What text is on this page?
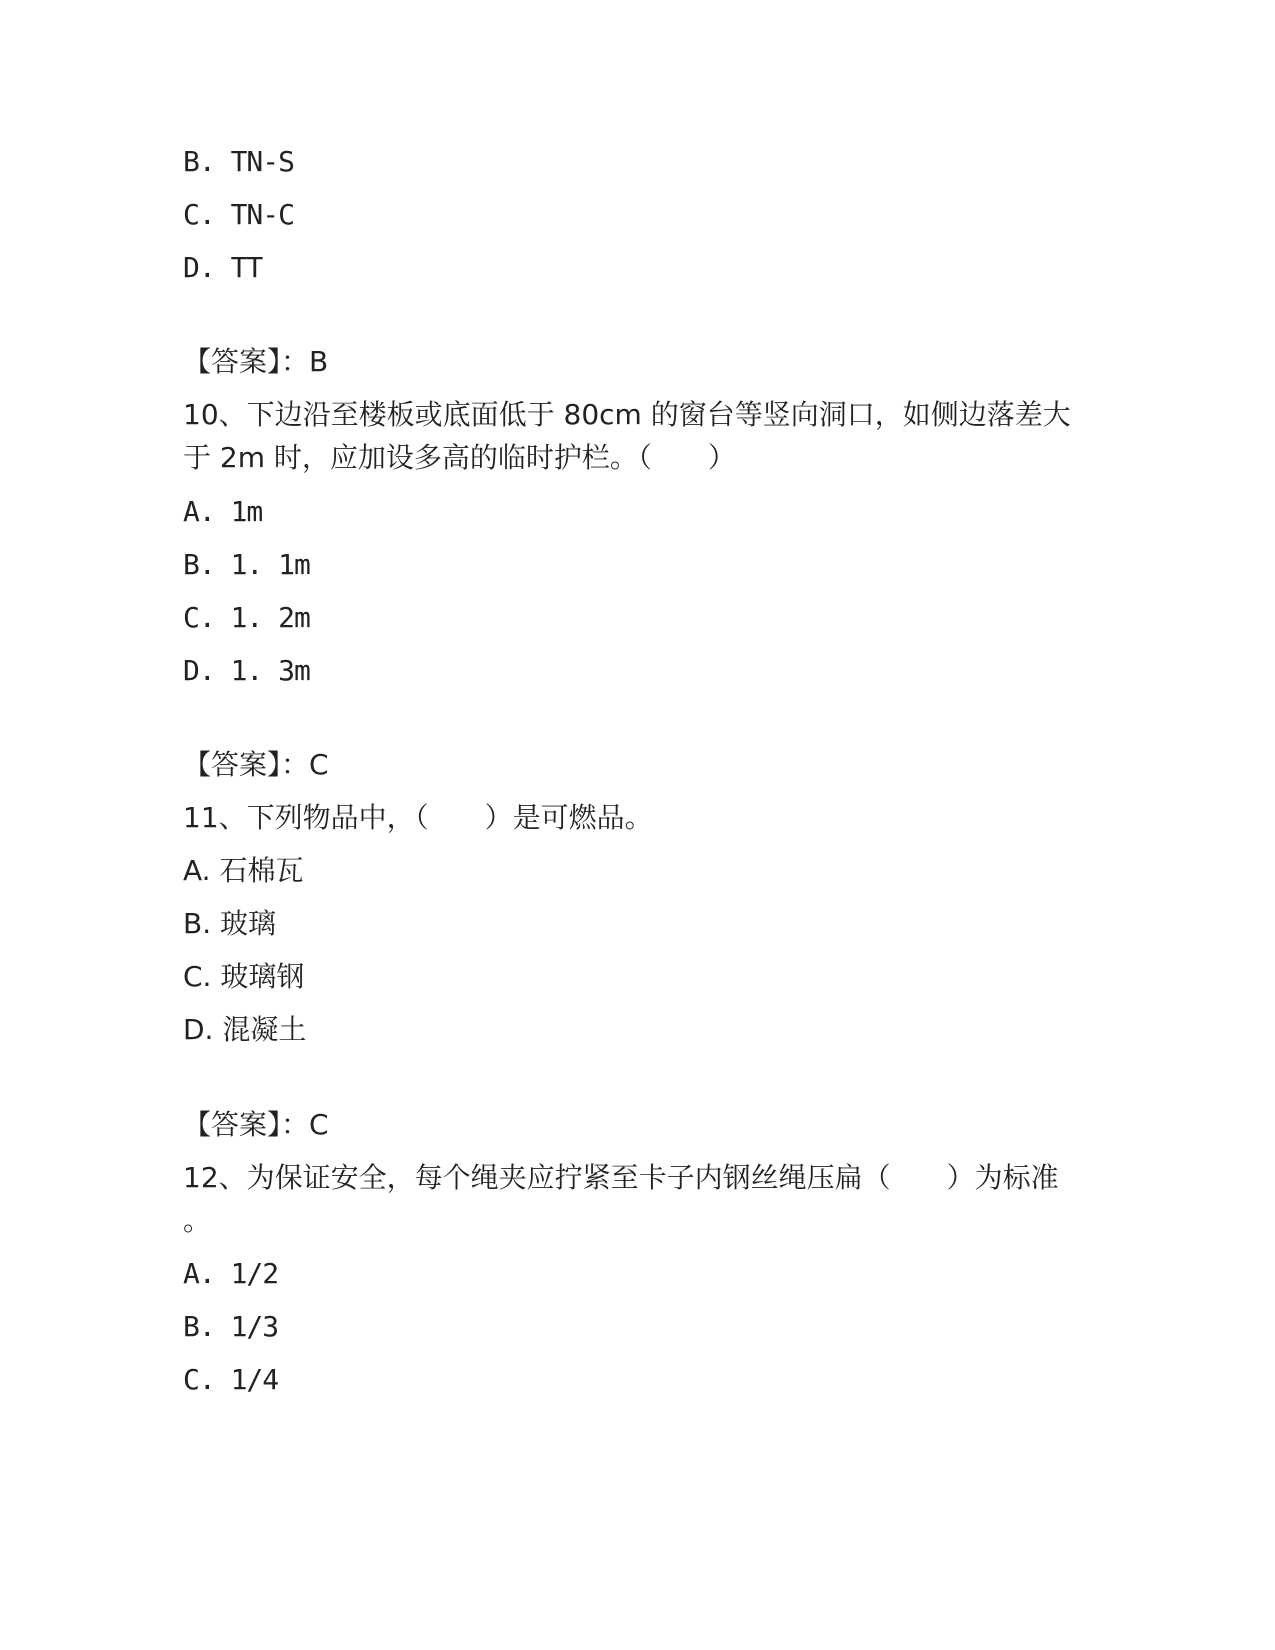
B. TN-S
C. TN-C
D. TT
【答案】：B
10、下边沿至楼板或底面低于 80cm 的窗台等竖向洞口，如侧边落差大
于 2m 时，应加设多高的临时护栏。（　　）
A. 1m
B. 1. 1m
C. 1. 2m
D. 1. 3m
【答案】：C
11、下列物品中，（　　）是可燃品。
A. 石棉瓦
B. 玻璃
C. 玻璃钢
D. 混凝土
【答案】：C
12、为保证安全，每个绳夹应拧紧至卡子内钢丝绳压扁（　　）为标准
。
A. 1/2
B. 1/3
C. 1/4
